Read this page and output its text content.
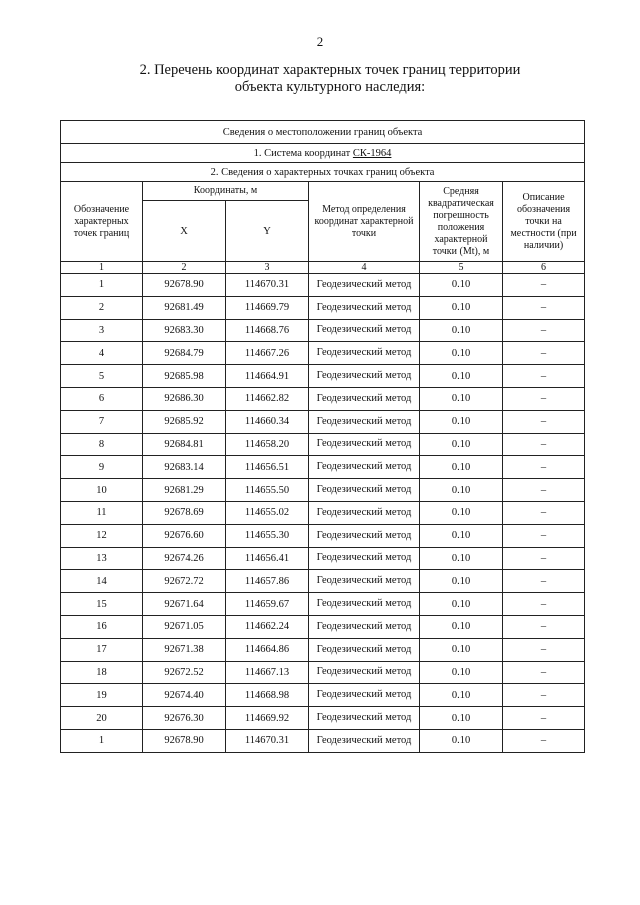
2
2. Перечень координат характерных точек границ территории
объекта культурного наследия:
Сведения о местоположении границ объекта					
1. Система координат СК-1964					
2. Сведения о характерных точках границ объекта					
Обозначение характерных точек границ	Координаты, м		Метод определения координат характерной точки	Средняя квадратическая погрешность положения характерной точки (Mt), м	Описание обозначения точки на местности (при наличии)
	X	Y			
1	2	3	4	5	6
1	92678.90	114670.31	Геодезический метод	0.10	–
2	92681.49	114669.79	Геодезический метод	0.10	–
3	92683.30	114668.76	Геодезический метод	0.10	–
4	92684.79	114667.26	Геодезический метод	0.10	–
5	92685.98	114664.91	Геодезический метод	0.10	–
6	92686.30	114662.82	Геодезический метод	0.10	–
7	92685.92	114660.34	Геодезический метод	0.10	–
8	92684.81	114658.20	Геодезический метод	0.10	–
9	92683.14	114656.51	Геодезический метод	0.10	–
10	92681.29	114655.50	Геодезический метод	0.10	–
11	92678.69	114655.02	Геодезический метод	0.10	–
12	92676.60	114655.30	Геодезический метод	0.10	–
13	92674.26	114656.41	Геодезический метод	0.10	–
14	92672.72	114657.86	Геодезический метод	0.10	–
15	92671.64	114659.67	Геодезический метод	0.10	–
16	92671.05	114662.24	Геодезический метод	0.10	–
17	92671.38	114664.86	Геодезический метод	0.10	–
18	92672.52	114667.13	Геодезический метод	0.10	–
19	92674.40	114668.98	Геодезический метод	0.10	–
20	92676.30	114669.92	Геодезический метод	0.10	–
1	92678.90	114670.31	Геодезический метод	0.10	–
